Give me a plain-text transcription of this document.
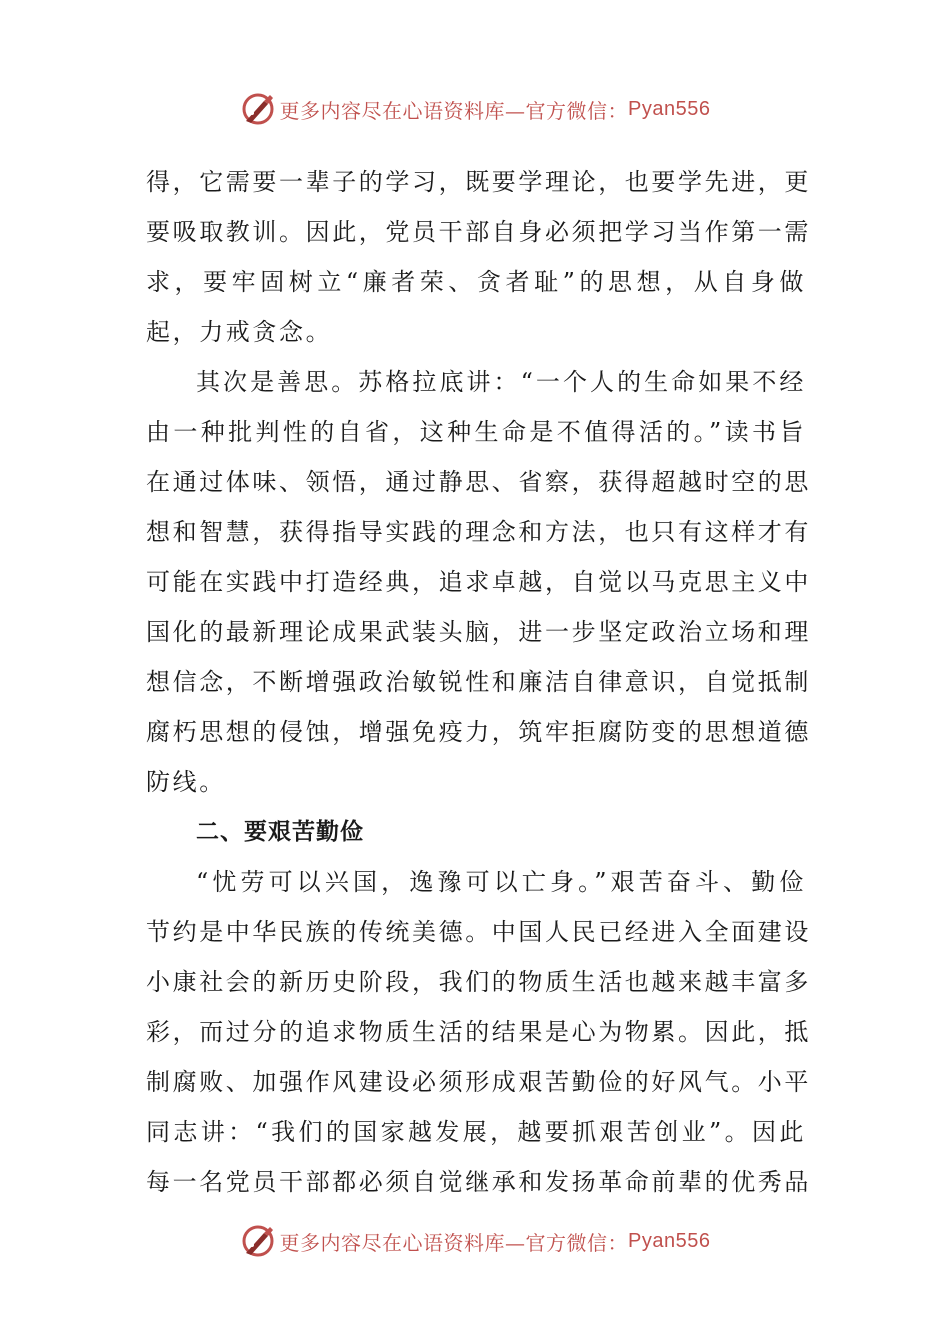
更多内容尽在心语资料库—官方微信： Pyan556
得，它需要一辈子的学习，既要学理论，也要学先进，更
要吸取教训。因此，党员干部自身必须把学习当作第一需
求，要牢固树立“廉者荣、贪者耻”的思想，从自身做
起，力戒贪念。
其次是善思。苏格拉底讲：“一个人的生命如果不经
由一种批判性的自省，这种生命是不值得活的。”读书旨
在通过体味、领悟，通过静思、省察，获得超越时空的思
想和智慧，获得指导实践的理念和方法，也只有这样才有
可能在实践中打造经典，追求卓越，自觉以马克思主义中
国化的最新理论成果武装头脑，进一步坚定政治立场和理
想信念，不断增强政治敏锐性和廉洁自律意识，自觉抵制
腐朽思想的侵蚀，增强免疫力，筑牢拒腐防变的思想道德
防线。
二、要艰苦勤俭
“忧劳可以兴国，逸豫可以亡身。”艰苦奋斗、勤俭
节约是中华民族的传统美德。中国人民已经进入全面建设
小康社会的新历史阶段，我们的物质生活也越来越丰富多
彩，而过分的追求物质生活的结果是心为物累。因此，抵
制腐败、加强作风建设必须形成艰苦勤俭的好风气。小平
同志讲：“我们的国家越发展，越要抓艰苦创业”。因此
每一名党员干部都必须自觉继承和发扬革命前辈的优秀品
更多内容尽在心语资料库—官方微信： Pyan556
